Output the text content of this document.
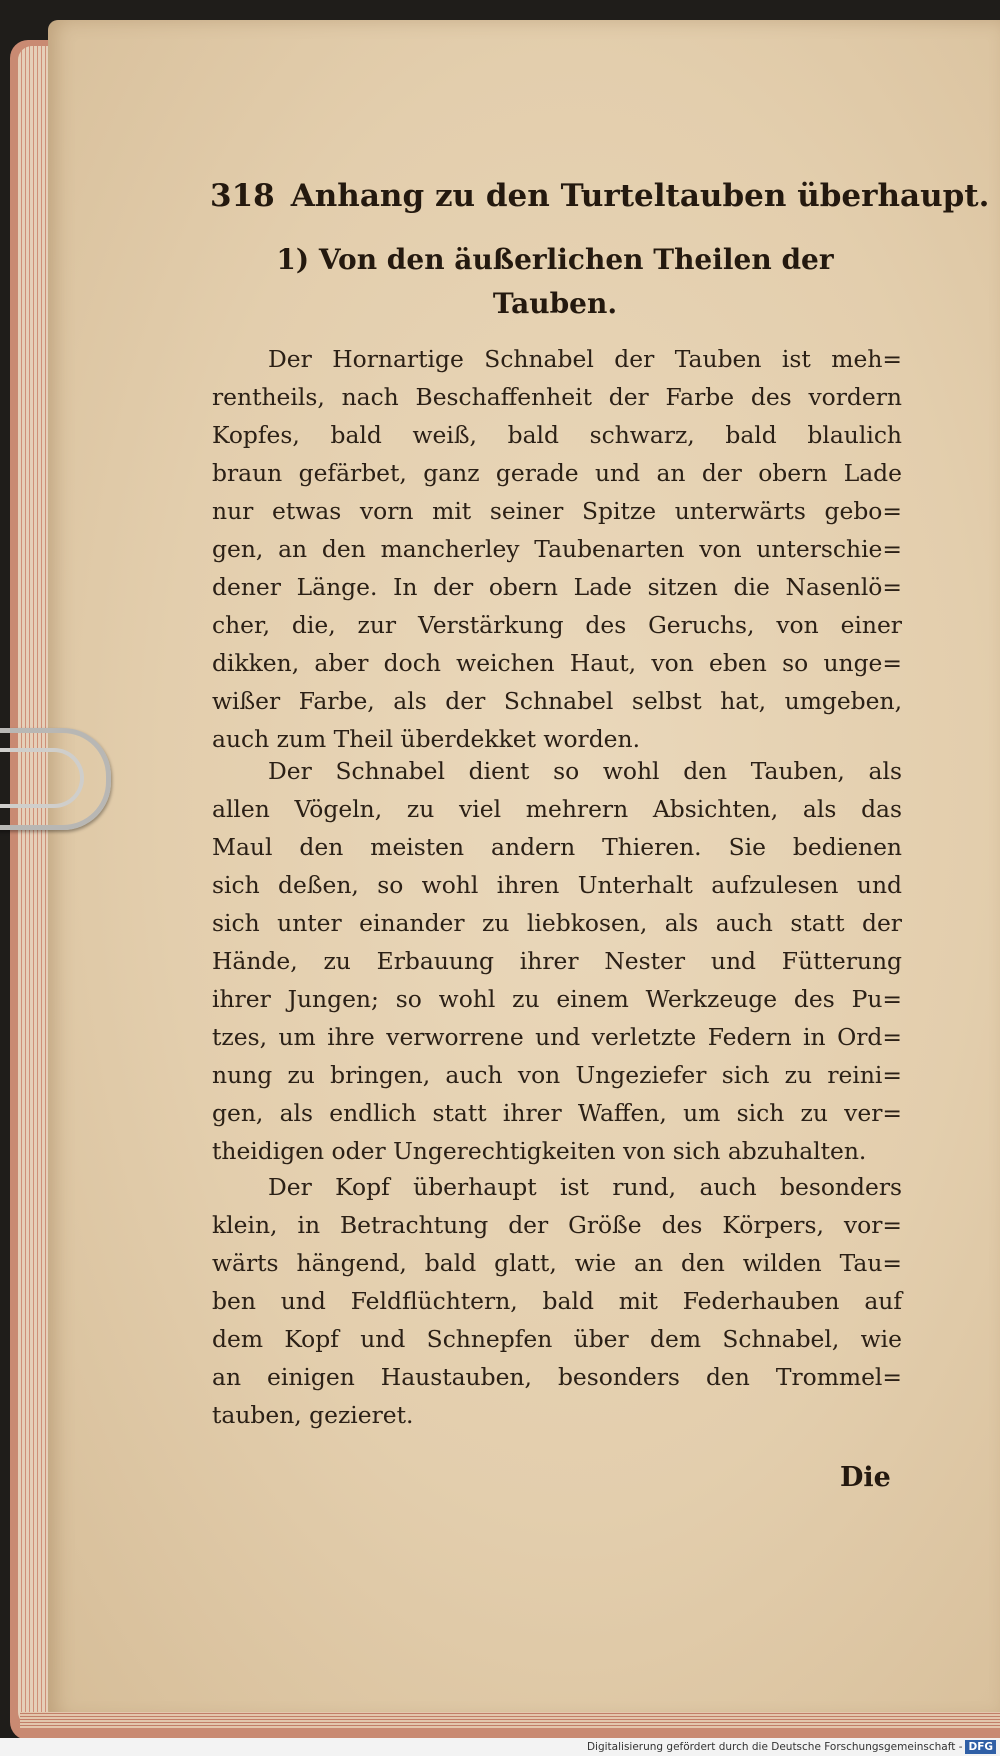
318 Anhang zu den Turteltauben überhaupt.
1) Von den äußerlichen Theilen der
Tauben.
Der Hornartige Schnabel der Tauben ist meh=
rentheils, nach Beschaffenheit der Farbe des vordern
Kopfes, bald weiß, bald schwarz, bald blaulich
braun gefärbet, ganz gerade und an der obern Lade
nur etwas vorn mit seiner Spitze unterwärts gebo=
gen, an den mancherley Taubenarten von unterschie=
dener Länge. In der obern Lade sitzen die Nasenlö=
cher, die, zur Verstärkung des Geruchs, von einer
dikken, aber doch weichen Haut, von eben so unge=
wißer Farbe, als der Schnabel selbst hat, umgeben,
auch zum Theil überdekket worden.
Der Schnabel dient so wohl den Tauben, als
allen Vögeln, zu viel mehrern Absichten, als das
Maul den meisten andern Thieren. Sie bedienen
sich deßen, so wohl ihren Unterhalt aufzulesen und
sich unter einander zu liebkosen, als auch statt der
Hände, zu Erbauung ihrer Nester und Fütterung
ihrer Jungen; so wohl zu einem Werkzeuge des Pu=
tzes, um ihre verworrene und verletzte Federn in Ord=
nung zu bringen, auch von Ungeziefer sich zu reini=
gen, als endlich statt ihrer Waffen, um sich zu ver=
theidigen oder Ungerechtigkeiten von sich abzuhalten.
Der Kopf überhaupt ist rund, auch besonders
klein, in Betrachtung der Größe des Körpers, vor=
wärts hängend, bald glatt, wie an den wilden Tau=
ben und Feldflüchtern, bald mit Federhauben auf
dem Kopf und Schnepfen über dem Schnabel, wie
an einigen Haustauben, besonders den Trommel=
tauben, gezieret.
Die
Digitalisierung gefördert durch die Deutsche Forschungsgemeinschaft - DFG
